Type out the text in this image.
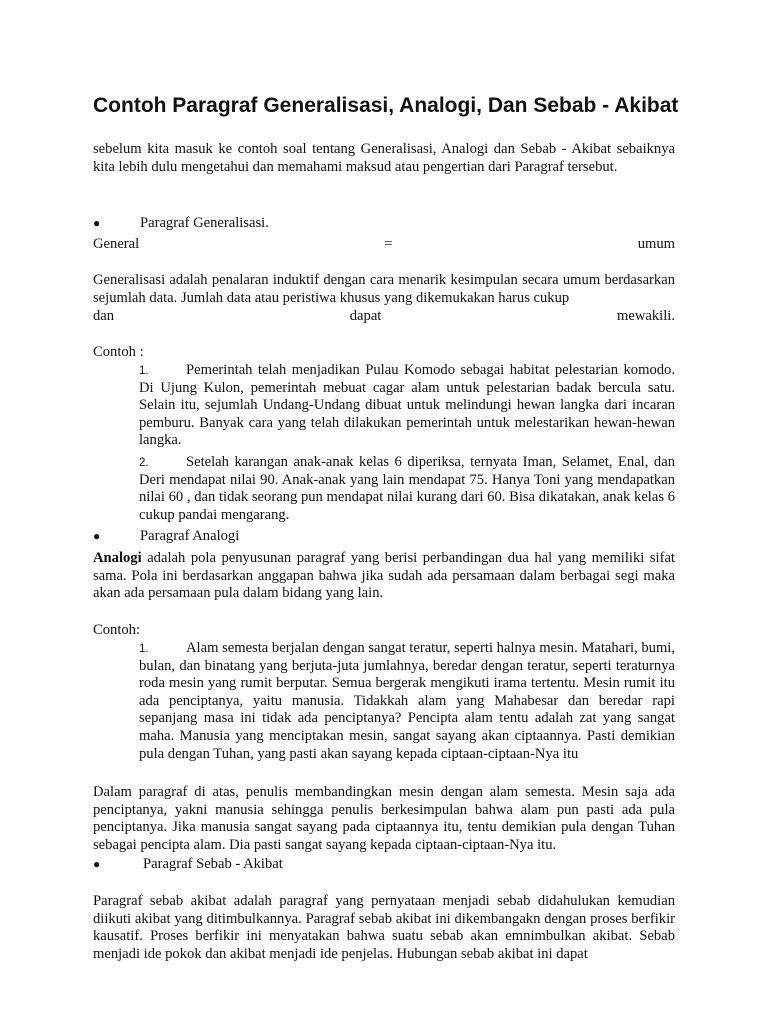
Contoh Paragraf Generalisasi, Analogi, Dan Sebab - Akibat
sebelum kita masuk ke contoh soal tentang Generalisasi, Analogi dan Sebab - Akibat sebaiknya kita lebih dulu mengetahui dan memahami maksud atau pengertian dari Paragraf tersebut.
●	Paragraf Generalisasi.
General	=	umum
Generalisasi adalah penalaran induktif dengan cara menarik kesimpulan secara umum berdasarkan sejumlah data. Jumlah data atau peristiwa khusus yang dikemukakan harus cukup
dan	dapat	mewakili.
Contoh :
1.	Pemerintah telah menjadikan Pulau Komodo sebagai habitat pelestarian komodo. Di Ujung Kulon, pemerintah mebuat cagar alam untuk pelestarian badak bercula satu. Selain itu, sejumlah Undang-Undang dibuat untuk melindungi hewan langka dari incaran pemburu. Banyak cara yang telah dilakukan pemerintah untuk melestarikan hewan-hewan langka.
2.	Setelah karangan anak-anak kelas 6 diperiksa, ternyata Iman, Selamet, Enal, dan Deri mendapat nilai 90. Anak-anak yang lain mendapat 75. Hanya Toni yang mendapatkan nilai 60 , dan tidak seorang pun mendapat nilai kurang dari 60. Bisa dikatakan, anak kelas 6 cukup pandai mengarang.
●	Paragraf Analogi
Analogi adalah pola penyusunan paragraf yang berisi perbandingan dua hal yang memiliki sifat sama. Pola ini berdasarkan anggapan bahwa jika sudah ada persamaan dalam berbagai segi maka akan ada persamaan pula dalam bidang yang lain.
Contoh:
1.	Alam semesta berjalan dengan sangat teratur, seperti halnya mesin. Matahari, bumi, bulan, dan binatang yang berjuta-juta jumlahnya, beredar dengan teratur, seperti teraturnya roda mesin yang rumit berputar. Semua bergerak mengikuti irama tertentu. Mesin rumit itu ada penciptanya, yaitu manusia. Tidakkah alam yang Mahabesar dan beredar rapi sepanjang masa ini tidak ada penciptanya? Pencipta alam tentu adalah zat yang sangat maha. Manusia yang menciptakan mesin, sangat sayang akan ciptaannya. Pasti demikian pula dengan Tuhan, yang pasti akan sayang kepada ciptaan-ciptaan-Nya itu
Dalam paragraf di atas, penulis membandingkan mesin dengan alam semesta. Mesin saja ada penciptanya, yakni manusia sehingga penulis berkesimpulan bahwa alam pun pasti ada pula penciptanya. Jika manusia sangat sayang pada ciptaannya itu, tentu demikian pula dengan Tuhan sebagai pencipta alam. Dia pasti sangat sayang kepada ciptaan-ciptaan-Nya itu.
●	Paragraf Sebab - Akibat
Paragraf sebab akibat adalah paragraf yang pernyataan menjadi sebab didahulukan kemudian diikuti akibat yang ditimbulkannya. Paragraf sebab akibat ini dikembangakn dengan proses berfikir kausatif. Proses berfikir ini menyatakan bahwa suatu sebab akan emnimbulkan akibat. Sebab menjadi ide pokok dan akibat menjadi ide penjelas. Hubungan sebab akibat ini dapat
